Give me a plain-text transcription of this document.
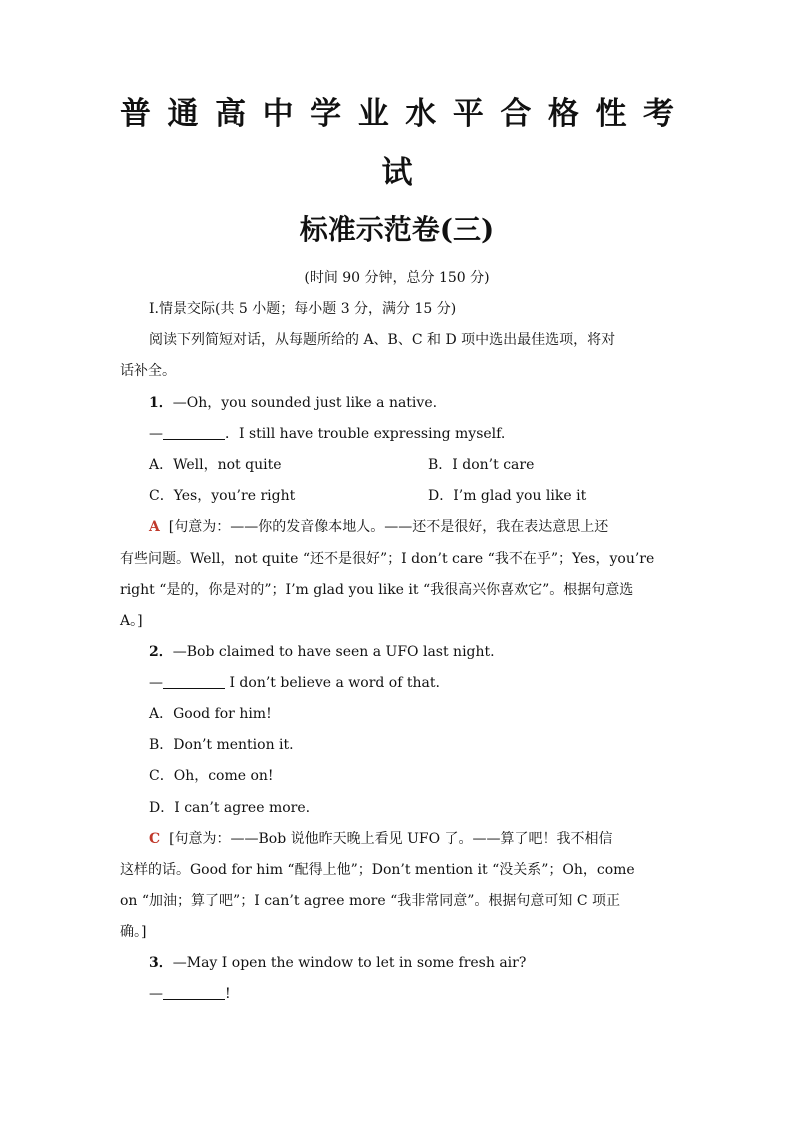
普通高中学业水平合格性考
试
标准示范卷(三)
(时间 90 分钟，总分 150 分)
Ⅰ.情景交际(共 5 小题；每小题 3 分，满分 15 分)
阅读下列简短对话，从每题所给的 A、B、C 和 D 项中选出最佳选项，将对
话补全。
1．—Oh，you sounded just like a native.
—	．I still have trouble expressing myself.
A．Well，not quite	B．I don’t care
C．Yes，you’re right	D．I’m glad you like it
A [句意为：——你的发音像本地人。——还不是很好，我在表达意思上还
有些问题。Well，not quite “还不是很好”；I don’t care “我不在乎”；Yes，you’re
right “是的，你是对的”；I’m glad you like it “我很高兴你喜欢它”。根据句意选
A。]
2．—Bob claimed to have seen a UFO last night.
—	I don’t believe a word of that.
A．Good for him!
B．Don’t mention it.
C．Oh，come on!
D．I can’t agree more.
C [句意为：——Bob 说他昨天晚上看见 UFO 了。——算了吧！我不相信
这样的话。Good for him “配得上他”；Don’t mention it “没关系”；Oh，come
on “加油；算了吧”；I can’t agree more “我非常同意”。根据句意可知 C 项正
确。]
3．—May I open the window to let in some fresh air?
—	!
